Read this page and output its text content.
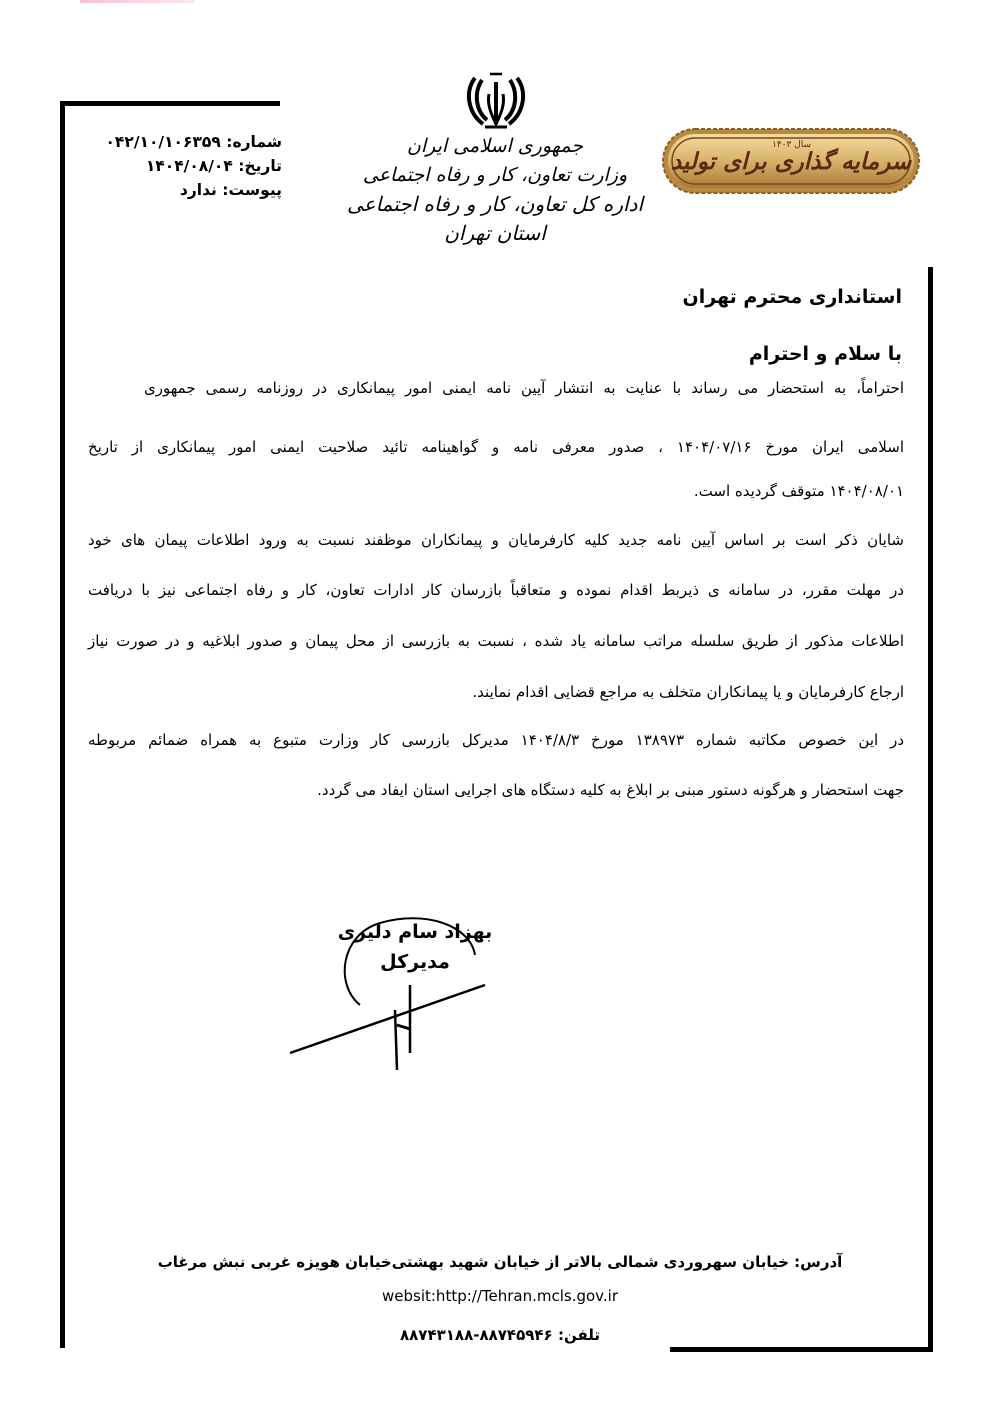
شماره: ۰۴۲/۱۰/۱۰۶۳۵۹
تاریخ: ۱۴۰۴/۰۸/۰۴
پیوست: ندارد
جمهوری اسلامی ایران
وزارت تعاون، کار و رفاه اجتماعی
اداره کل تعاون، کار و رفاه اجتماعی استان تهران
سرمایه گذاری برای تولید
سال ۱۴۰۳
استانداری محترم تهران
با سلام و احترام
احتراماً، به استحضار می رساند با عنایت به انتشار آیین نامه ایمنی امور پیمانکاری در روزنامه رسمی جمهوری
اسلامی ایران مورخ ۱۴۰۴/۰۷/۱۶ ، صدور معرفی نامه و گواهینامه تائید صلاحیت ایمنی امور پیمانکاری از تاریخ
۱۴۰۴/۰۸/۰۱ متوقف گردیده است.
شایان ذکر است بر اساس آیین نامه جدید کلیه کارفرمایان و پیمانکاران موظفند نسبت به ورود اطلاعات پیمان های خود
در مهلت مقرر، در سامانه ی ذیربط اقدام نموده و متعاقباً بازرسان کار ادارات تعاون، کار و رفاه اجتماعی نیز با دریافت
اطلاعات مذکور از طریق سلسله مراتب سامانه یاد شده ، نسبت به بازرسی از محل پیمان و صدور ابلاغیه و در صورت نیاز
ارجاع کارفرمایان و یا پیمانکاران متخلف به مراجع قضایی اقدام نمایند.
در این خصوص مکاتبه شماره ۱۳۸۹۷۳ مورخ ۱۴۰۴/۸/۳ مدیرکل بازرسی کار وزارت متبوع به همراه ضمائم مربوطه
جهت استحضار و هرگونه دستور مبنی بر ابلاغ به کلیه دستگاه های اجرایی استان ایفاد می گردد.
بهزاد سام دلیری
مدیرکل
آدرس: خیابان سهروردی شمالی بالاتر از خیابان شهید بهشتی‌خیابان هویزه غربی نبش مرغاب
websit:http://Tehran.mcls.gov.ir
تلفن: ۸۸۷۴۵۹۴۶-۸۸۷۴۳۱۸۸
